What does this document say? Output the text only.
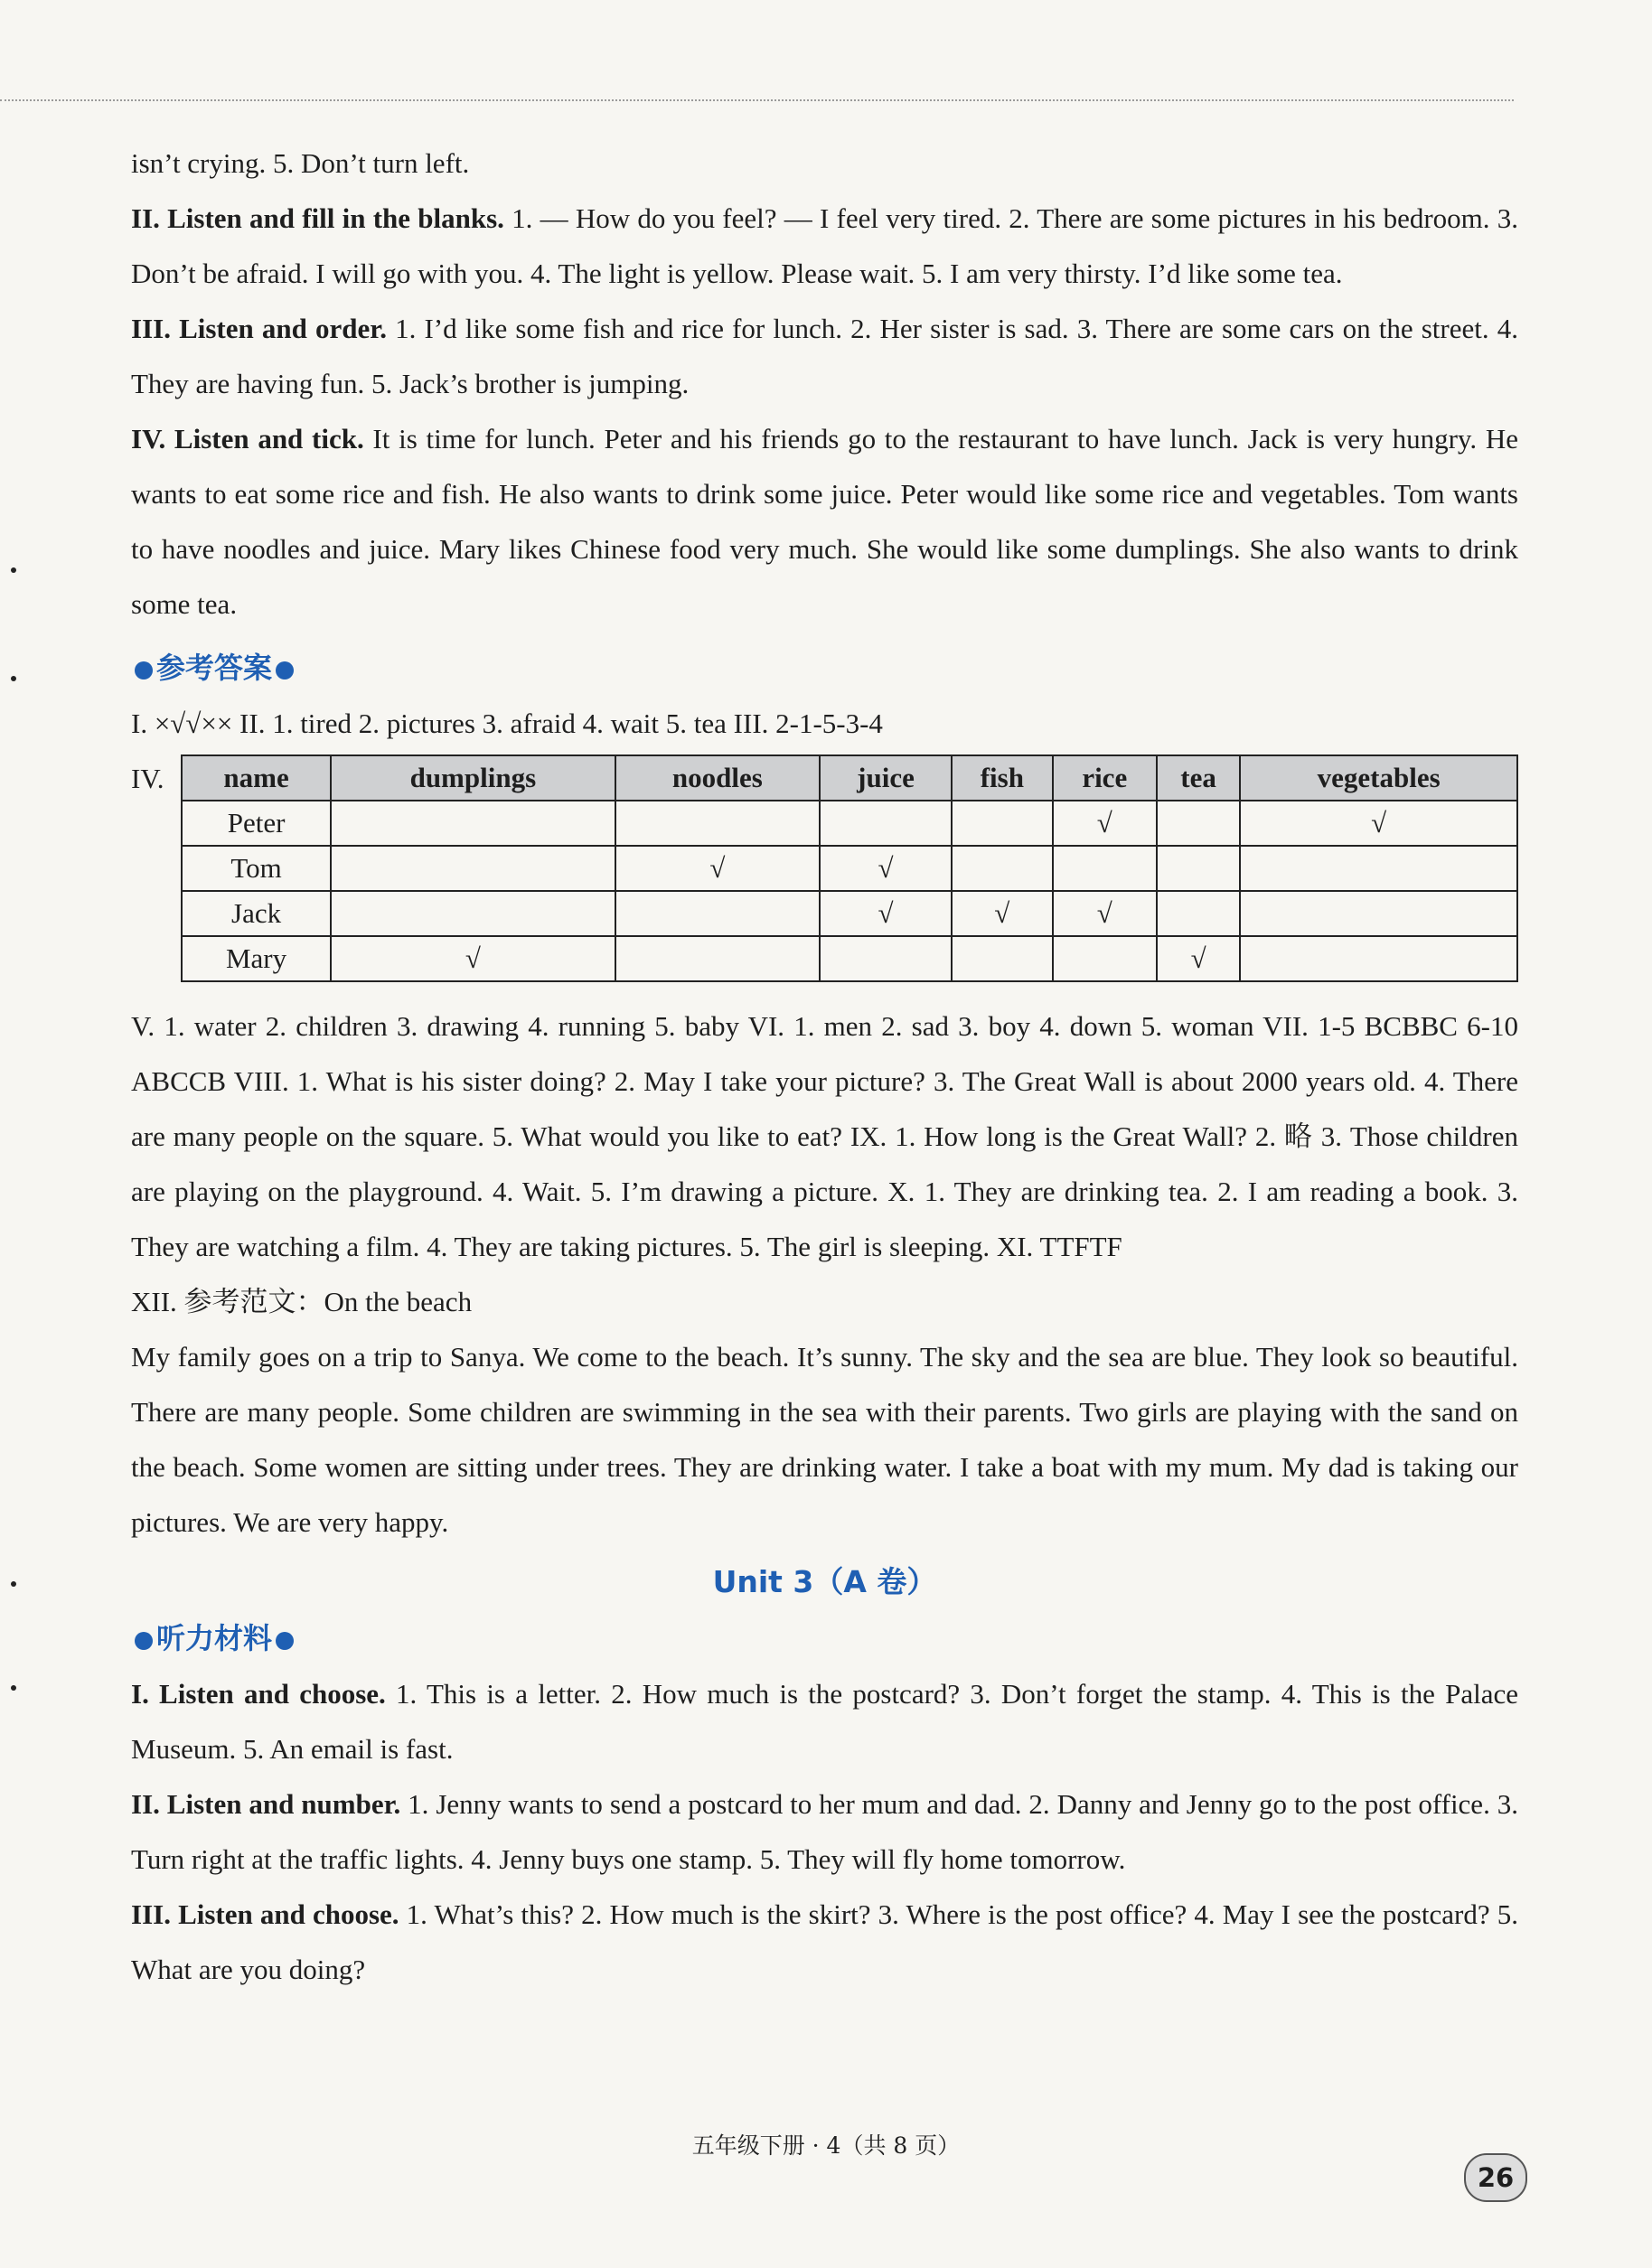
isn’t crying. 5. Don’t turn left.

II. Listen and fill in the blanks. 1. — How do you feel? — I feel very tired. 2. There are some pictures in his bedroom. 3. Don’t be afraid. I will go with you. 4. The light is yellow. Please wait. 5. I am very thirsty. I’d like some tea.

III. Listen and order. 1. I’d like some fish and rice for lunch. 2. Her sister is sad. 3. There are some cars on the street. 4. They are having fun. 5. Jack’s brother is jumping.

IV. Listen and tick. It is time for lunch. Peter and his friends go to the restaurant to have lunch. Jack is very hungry. He wants to eat some rice and fish. He also wants to drink some juice. Peter would like some rice and vegetables. Tom wants to have noodles and juice. Mary likes Chinese food very much. She would like some dumplings. She also wants to drink some tea.

参考答案

I. ×√√×× II. 1. tired 2. pictures 3. afraid 4. wait 5. tea III. 2-1-5-3-4

IV. name	dumplings	noodles	juice	fish	rice	tea	vegetables
Peter					√		√
Tom		√	√				
Jack			√	√	√		
Mary	√					√	

V. 1. water 2. children 3. drawing 4. running 5. baby VI. 1. men 2. sad 3. boy 4. down 5. woman VII. 1-5 BCBBC 6-10 ABCCB VIII. 1. What is his sister doing? 2. May I take your picture? 3. The Great Wall is about 2000 years old. 4. There are many people on the square. 5. What would you like to eat? IX. 1. How long is the Great Wall? 2. 略 3. Those children are playing on the playground. 4. Wait. 5. I’m drawing a picture. X. 1. They are drinking tea. 2. I am reading a book. 3. They are watching a film. 4. They are taking pictures. 5. The girl is sleeping. XI. TTFTF

XII. 参考范文：On the beach

My family goes on a trip to Sanya. We come to the beach. It’s sunny. The sky and the sea are blue. They look so beautiful. There are many people. Some children are swimming in the sea with their parents. Two girls are playing with the sand on the beach. Some women are sitting under trees. They are drinking water. I take a boat with my mum. My dad is taking our pictures. We are very happy.

Unit 3（A 卷）
听力材料

I. Listen and choose. 1. This is a letter. 2. How much is the postcard? 3. Don’t forget the stamp. 4. This is the Palace Museum. 5. An email is fast.

II. Listen and number. 1. Jenny wants to send a postcard to her mum and dad. 2. Danny and Jenny go to the post office. 3. Turn right at the traffic lights. 4. Jenny buys one stamp. 5. They will fly home tomorrow.

III. Listen and choose. 1. What’s this? 2. How much is the skirt? 3. Where is the post office? 4. May I see the postcard? 5. What are you doing?

五年级下册 · 4（共 8 页）
26
